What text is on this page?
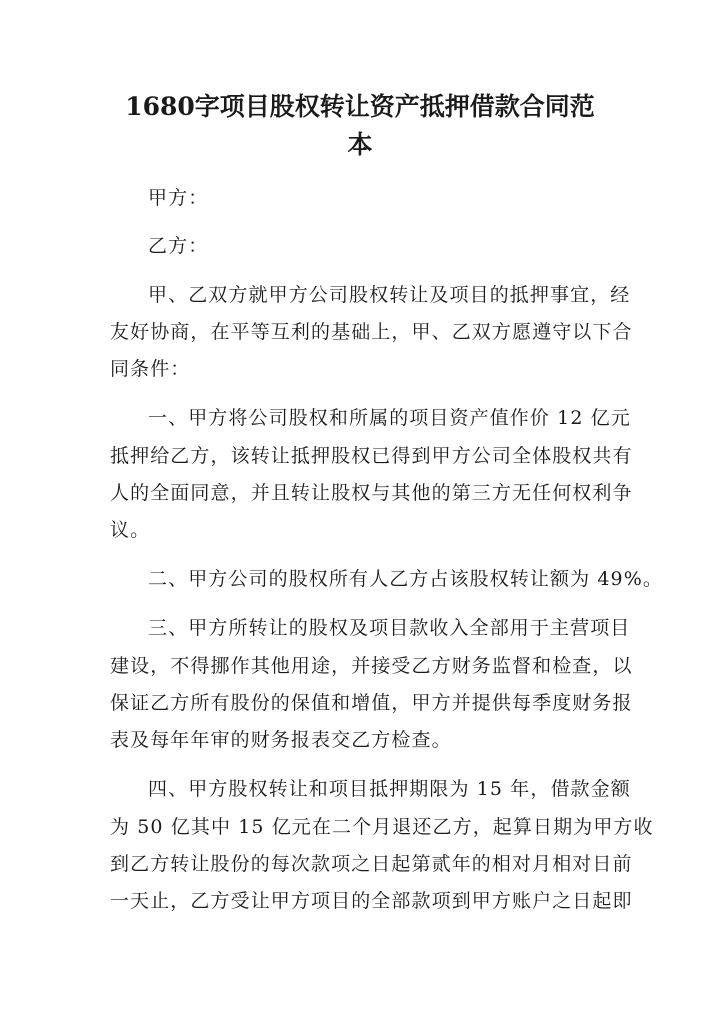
1680字项目股权转让资产抵押借款合同范
本

甲方：

乙方：

甲、乙双方就甲方公司股权转让及项目的抵押事宜，经

友好协商，在平等互利的基础上，甲、乙双方愿遵守以下合

同条件：

一、甲方将公司股权和所属的项目资产值作价 12 亿元

抵押给乙方，该转让抵押股权已得到甲方公司全体股权共有

人的全面同意，并且转让股权与其他的第三方无任何权利争

议。

二、甲方公司的股权所有人乙方占该股权转让额为 49%。

三、甲方所转让的股权及项目款收入全部用于主营项目

建设，不得挪作其他用途，并接受乙方财务监督和检查，以

保证乙方所有股份的保值和增值，甲方并提供每季度财务报

表及每年年审的财务报表交乙方检查。

四、甲方股权转让和项目抵押期限为 15 年，借款金额

为 50 亿其中 15 亿元在二个月退还乙方，起算日期为甲方收

到乙方转让股份的每次款项之日起第贰年的相对月相对日前

一天止，乙方受让甲方项目的全部款项到甲方账户之日起即
